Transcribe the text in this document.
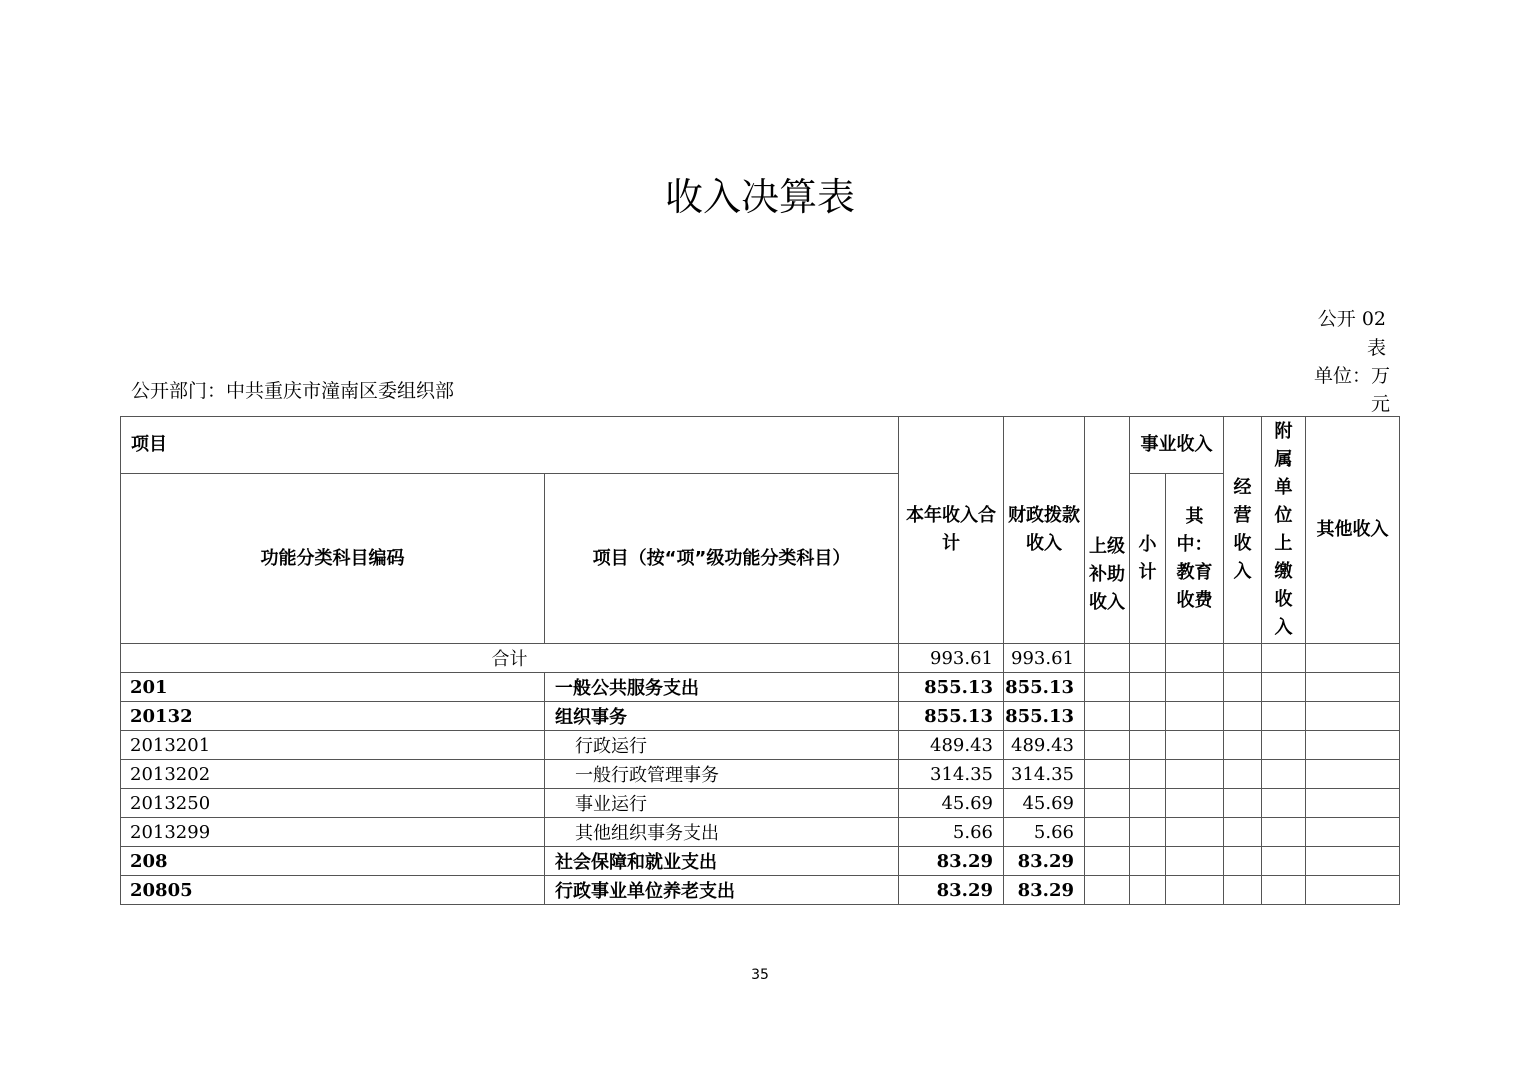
收入决算表
公开 02 表
单位：万元
公开部门：中共重庆市潼南区委组织部
项目		本年收入合计	财政拨款收入	上级补助收入	事业收入		经营收入	附属单位上缴收入	其他收入
功能分类科目编码	项目（按“项”级功能分类科目）				小计	其中：教育收费			
合计		993.61	993.61						
201	一般公共服务支出	855.13	855.13						
20132	组织事务	855.13	855.13						
2013201	行政运行	489.43	489.43						
2013202	一般行政管理事务	314.35	314.35						
2013250	事业运行	45.69	45.69						
2013299	其他组织事务支出	5.66	5.66						
208	社会保障和就业支出	83.29	83.29						
20805	行政事业单位养老支出	83.29	83.29						
35
